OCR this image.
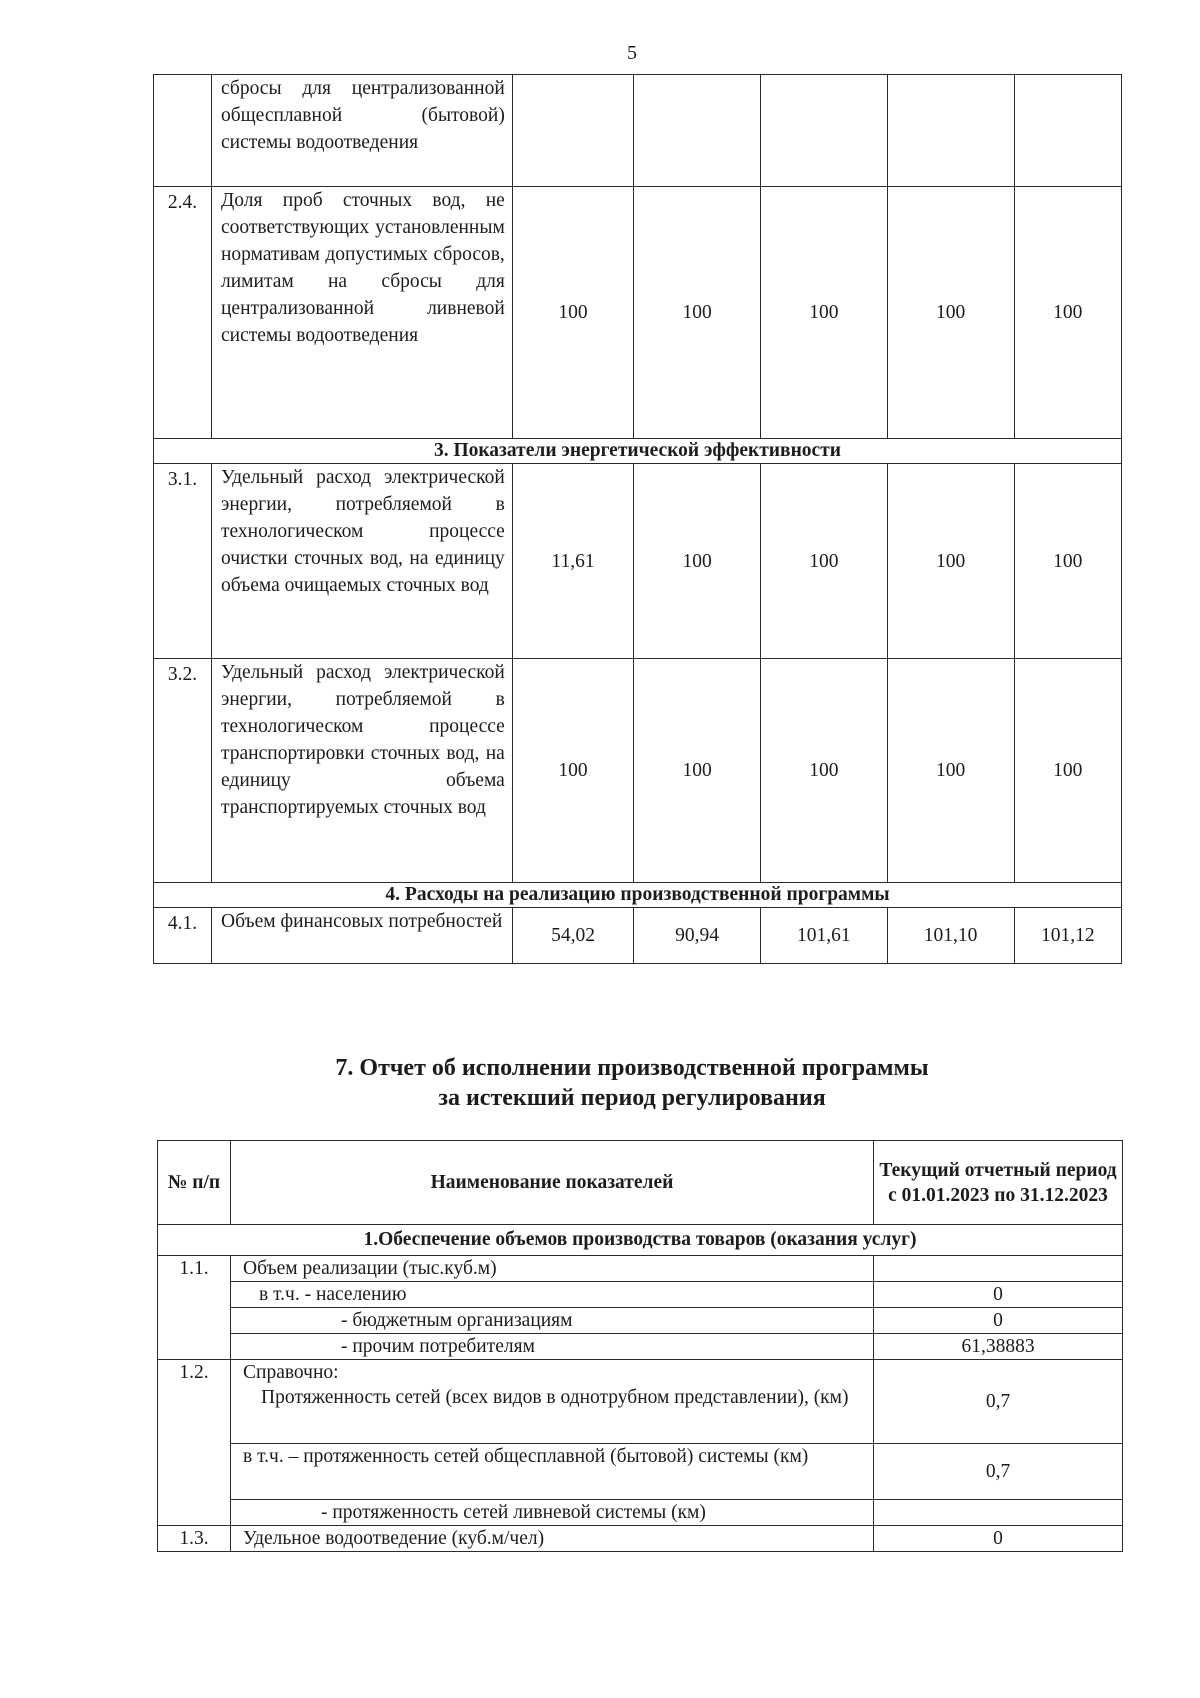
5
	сбросы для централизованной общесплавной (бытовой) системы водоотведения					
2.4.	Доля проб сточных вод, не соответствующих установленным нормативам допустимых сбросов, лимитам на сбросы для централизованной ливневой системы водоотведения	100	100	100	100	100
3. Показатели энергетической эффективности						
3.1.	Удельный расход электрической энергии, потребляемой в технологическом процессе очистки сточных вод, на единицу объема очищаемых сточных вод	11,61	100	100	100	100
3.2.	Удельный расход электрической энергии, потребляемой в технологическом процессе транспортировки сточных вод, на единицу объема транспортируемых сточных вод	100	100	100	100	100
4. Расходы на реализацию производственной программы						
4.1.	Объем финансовых потребностей	54,02	90,94	101,61	101,10	101,12
7. Отчет об исполнении производственной программы
за истекший период регулирования
№ п/п	Наименование показателей	Текущий отчетный период с 01.01.2023 по 31.12.2023
1.Обеспечение объемов производства товаров (оказания услуг)		
1.1.	Объем реализации (тыс.куб.м)	
	в т.ч. - населению	0
	- бюджетным организациям	0
	- прочим потребителям	61,38883
1.2.	Справочно:
Протяженность сетей (всех видов в однотрубном представлении), (км)	0,7
	в т.ч. – протяженность сетей общесплавной (бытовой) системы (км)	0,7
	- протяженность сетей ливневой системы (км)	
1.3.	Удельное водоотведение (куб.м/чел)	0
